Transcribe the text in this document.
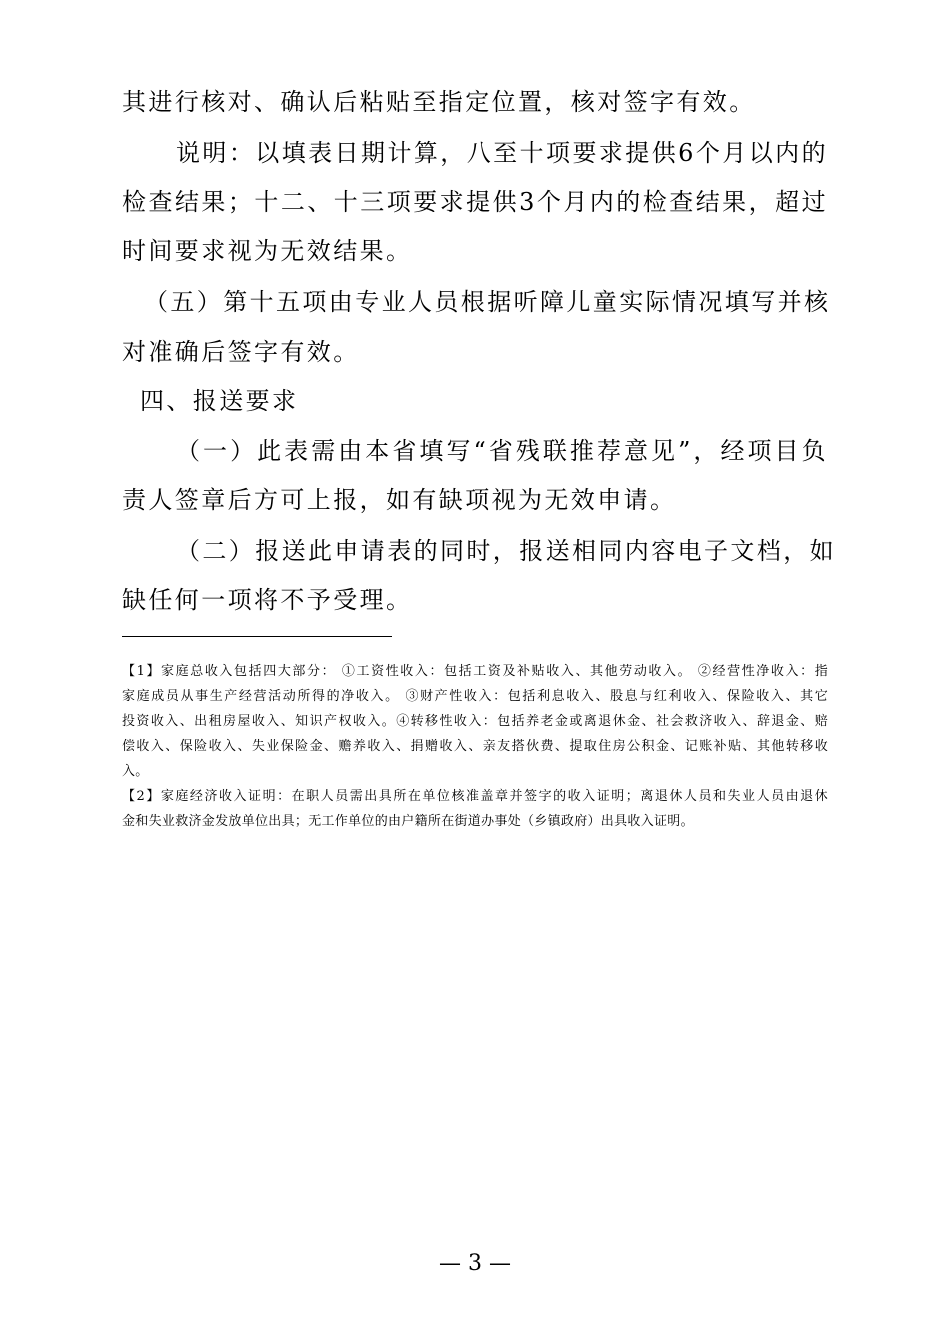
其进行核对、确认后粘贴至指定位置，核对签字有效。
说明：以填表日期计算，八至十项要求提供6个月以内的
检查结果；十二、十三项要求提供3个月内的检查结果，超过
时间要求视为无效结果。
（五）第十五项由专业人员根据听障儿童实际情况填写并核
对准确后签字有效。
四、报送要求
（一）此表需由本省填写“省残联推荐意见”，经项目负
责人签章后方可上报，如有缺项视为无效申请。
（二）报送此申请表的同时，报送相同内容电子文档，如
缺任何一项将不予受理。
【1】家庭总收入包括四大部分： ①工资性收入：包括工资及补贴收入、其他劳动收入。 ②经营性净收入：指
家庭成员从事生产经营活动所得的净收入。 ③财产性收入：包括利息收入、股息与红利收入、保险收入、其它
投资收入、出租房屋收入、知识产权收入。④转移性收入：包括养老金或离退休金、社会救济收入、辞退金、赔
偿收入、保险收入、失业保险金、赡养收入、捐赠收入、亲友搭伙费、提取住房公积金、记账补贴、其他转移收
入。
【2】家庭经济收入证明：在职人员需出具所在单位核准盖章并签字的收入证明；离退休人员和失业人员由退休
金和失业救济金发放单位出具；无工作单位的由户籍所在街道办事处（乡镇政府）出具收入证明。
— 3 —
